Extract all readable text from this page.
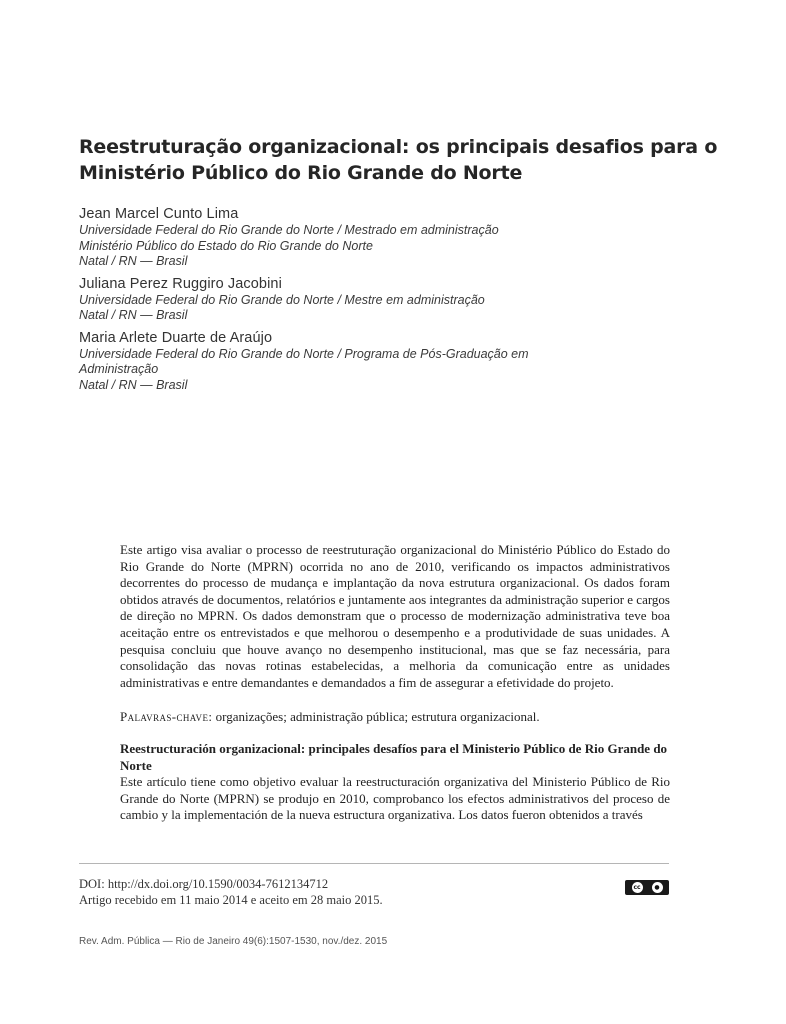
Reestruturação organizacional: os principais desafios para o
Ministério Público do Rio Grande do Norte
Jean Marcel Cunto Lima
Universidade Federal do Rio Grande do Norte / Mestrado em administração
Ministério Público do Estado do Rio Grande do Norte
Natal / RN — Brasil
Juliana Perez Ruggiro Jacobini
Universidade Federal do Rio Grande do Norte / Mestre em administração
Natal / RN — Brasil
Maria Arlete Duarte de Araújo
Universidade Federal do Rio Grande do Norte / Programa de Pós-Graduação em Administração
Natal / RN — Brasil

Este artigo visa avaliar o processo de reestruturação organizacional do Ministério Público do Estado do Rio Grande do Norte (MPRN) ocorrida no ano de 2010, verificando os impactos administrativos decorrentes do processo de mudança e implantação da nova estrutura organizacional. Os dados foram obtidos através de documentos, relatórios e juntamente aos integrantes da administração superior e cargos de direção no MPRN. Os dados demonstram que o processo de modernização administrativa teve boa aceitação entre os entrevistados e que melhorou o desempenho e a produtividade de suas unidades. A pesquisa concluiu que houve avanço no desempenho institucional, mas que se faz necessária, para consolidação das novas rotinas estabelecidas, a melhoria da comunicação entre as unidades administrativas e entre demandantes e demandados a fim de assegurar a efetividade do projeto.

Palavras-chave: organizações; administração pública; estrutura organizacional.

Reestructuración organizacional: principales desafíos para el Ministerio Público de Rio Grande do Norte

Este artículo tiene como objetivo evaluar la reestructuración organizativa del Ministerio Público de Rio Grande do Norte (MPRN) se produjo en 2010, comprobanco los efectos administrativos del proceso de cambio y la implementación de la nueva estructura organizativa. Los datos fueron obtenidos a través

DOI: http://dx.doi.org/10.1590/0034-7612134712
Artigo recebido em 11 maio 2014 e aceito em 28 maio 2015.
cc	●
Rev. Adm. Pública — Rio de Janeiro 49(6):1507-1530, nov./dez. 2015
